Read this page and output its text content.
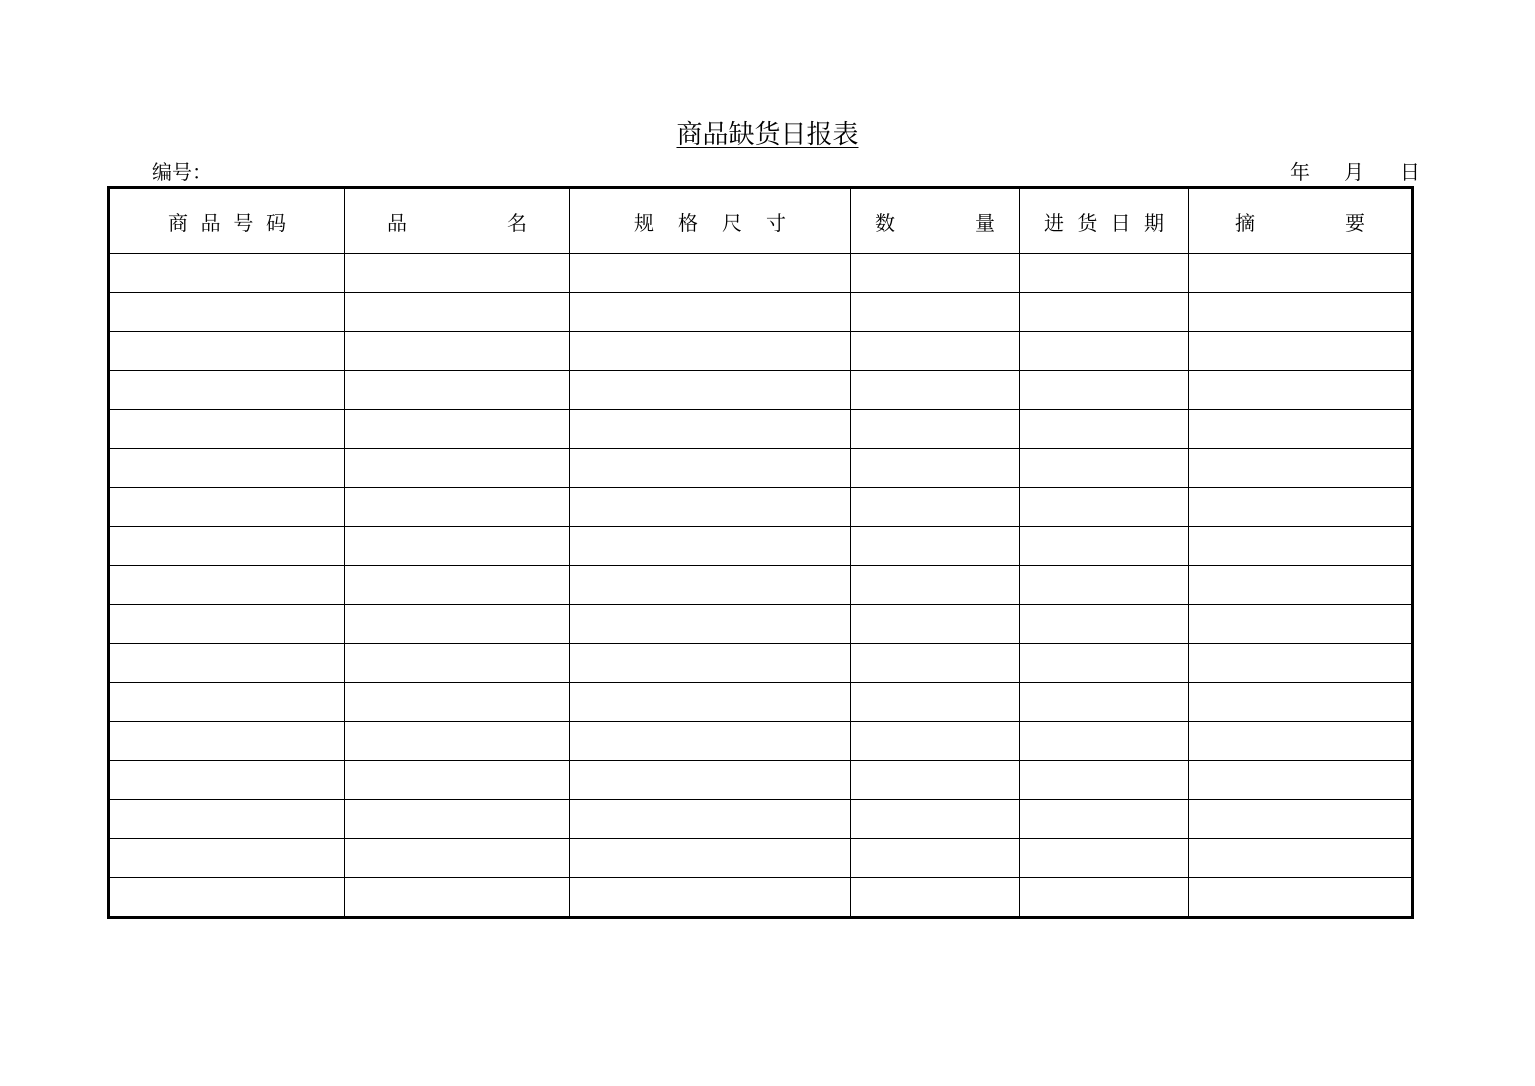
商品缺货日报表
编号：	年 月 日
商 品 号 码	品 名	规 格 尺 寸	数 量	进 货 日 期	摘 要
